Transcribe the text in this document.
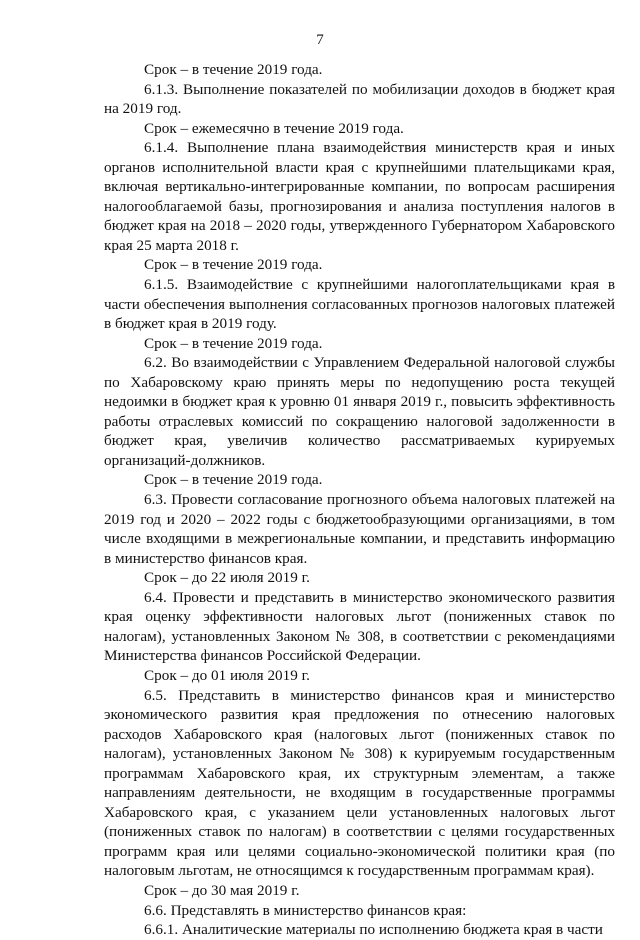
7

Срок – в течение 2019 года.

6.1.3. Выполнение показателей по мобилизации доходов в бюджет края на 2019 год.

Срок – ежемесячно в течение 2019 года.

6.1.4. Выполнение плана взаимодействия министерств края и иных органов исполнительной власти края с крупнейшими плательщиками края, включая вертикально-интегрированные компании, по вопросам расширения налогооблагаемой базы, прогнозирования и анализа поступления налогов в бюджет края на 2018 – 2020 годы, утвержденного Губернатором Хабаровского края 25 марта 2018 г.

Срок – в течение 2019 года.

6.1.5. Взаимодействие с крупнейшими налогоплательщиками края в части обеспечения выполнения согласованных прогнозов налоговых платежей в бюджет края в 2019 году.

Срок – в течение 2019 года.

6.2. Во взаимодействии с Управлением Федеральной налоговой службы по Хабаровскому краю принять меры по недопущению роста текущей недоимки в бюджет края к уровню 01 января 2019 г., повысить эффективность работы отраслевых комиссий по сокращению налоговой задолженности в бюджет края, увеличив количество рассматриваемых курируемых организаций-должников.

Срок – в течение 2019 года.

6.3. Провести согласование прогнозного объема налоговых платежей на 2019 год и 2020 – 2022 годы с бюджетообразующими организациями, в том числе входящими в межрегиональные компании, и представить информацию в министерство финансов края.

Срок – до 22 июля 2019 г.

6.4. Провести и представить в министерство экономического развития края оценку эффективности налоговых льгот (пониженных ставок по налогам), установленных Законом № 308, в соответствии с рекомендациями Министерства финансов Российской Федерации.

Срок – до 01 июля 2019 г.

6.5. Представить в министерство финансов края и министерство экономического развития края предложения по отнесению налоговых расходов Хабаровского края (налоговых льгот (пониженных ставок по налогам), установленных Законом № 308) к курируемым государственным программам Хабаровского края, их структурным элементам, а также направлениям деятельности, не входящим в государственные программы Хабаровского края, с указанием цели установленных налоговых льгот (пониженных ставок по налогам) в соответствии с целями государственных программ края или целями социально-экономической политики края (по налоговым льготам, не относящимся к государственным программам края).

Срок – до 30 мая 2019 г.

6.6. Представлять в министерство финансов края:

6.6.1. Аналитические материалы по исполнению бюджета края в части
